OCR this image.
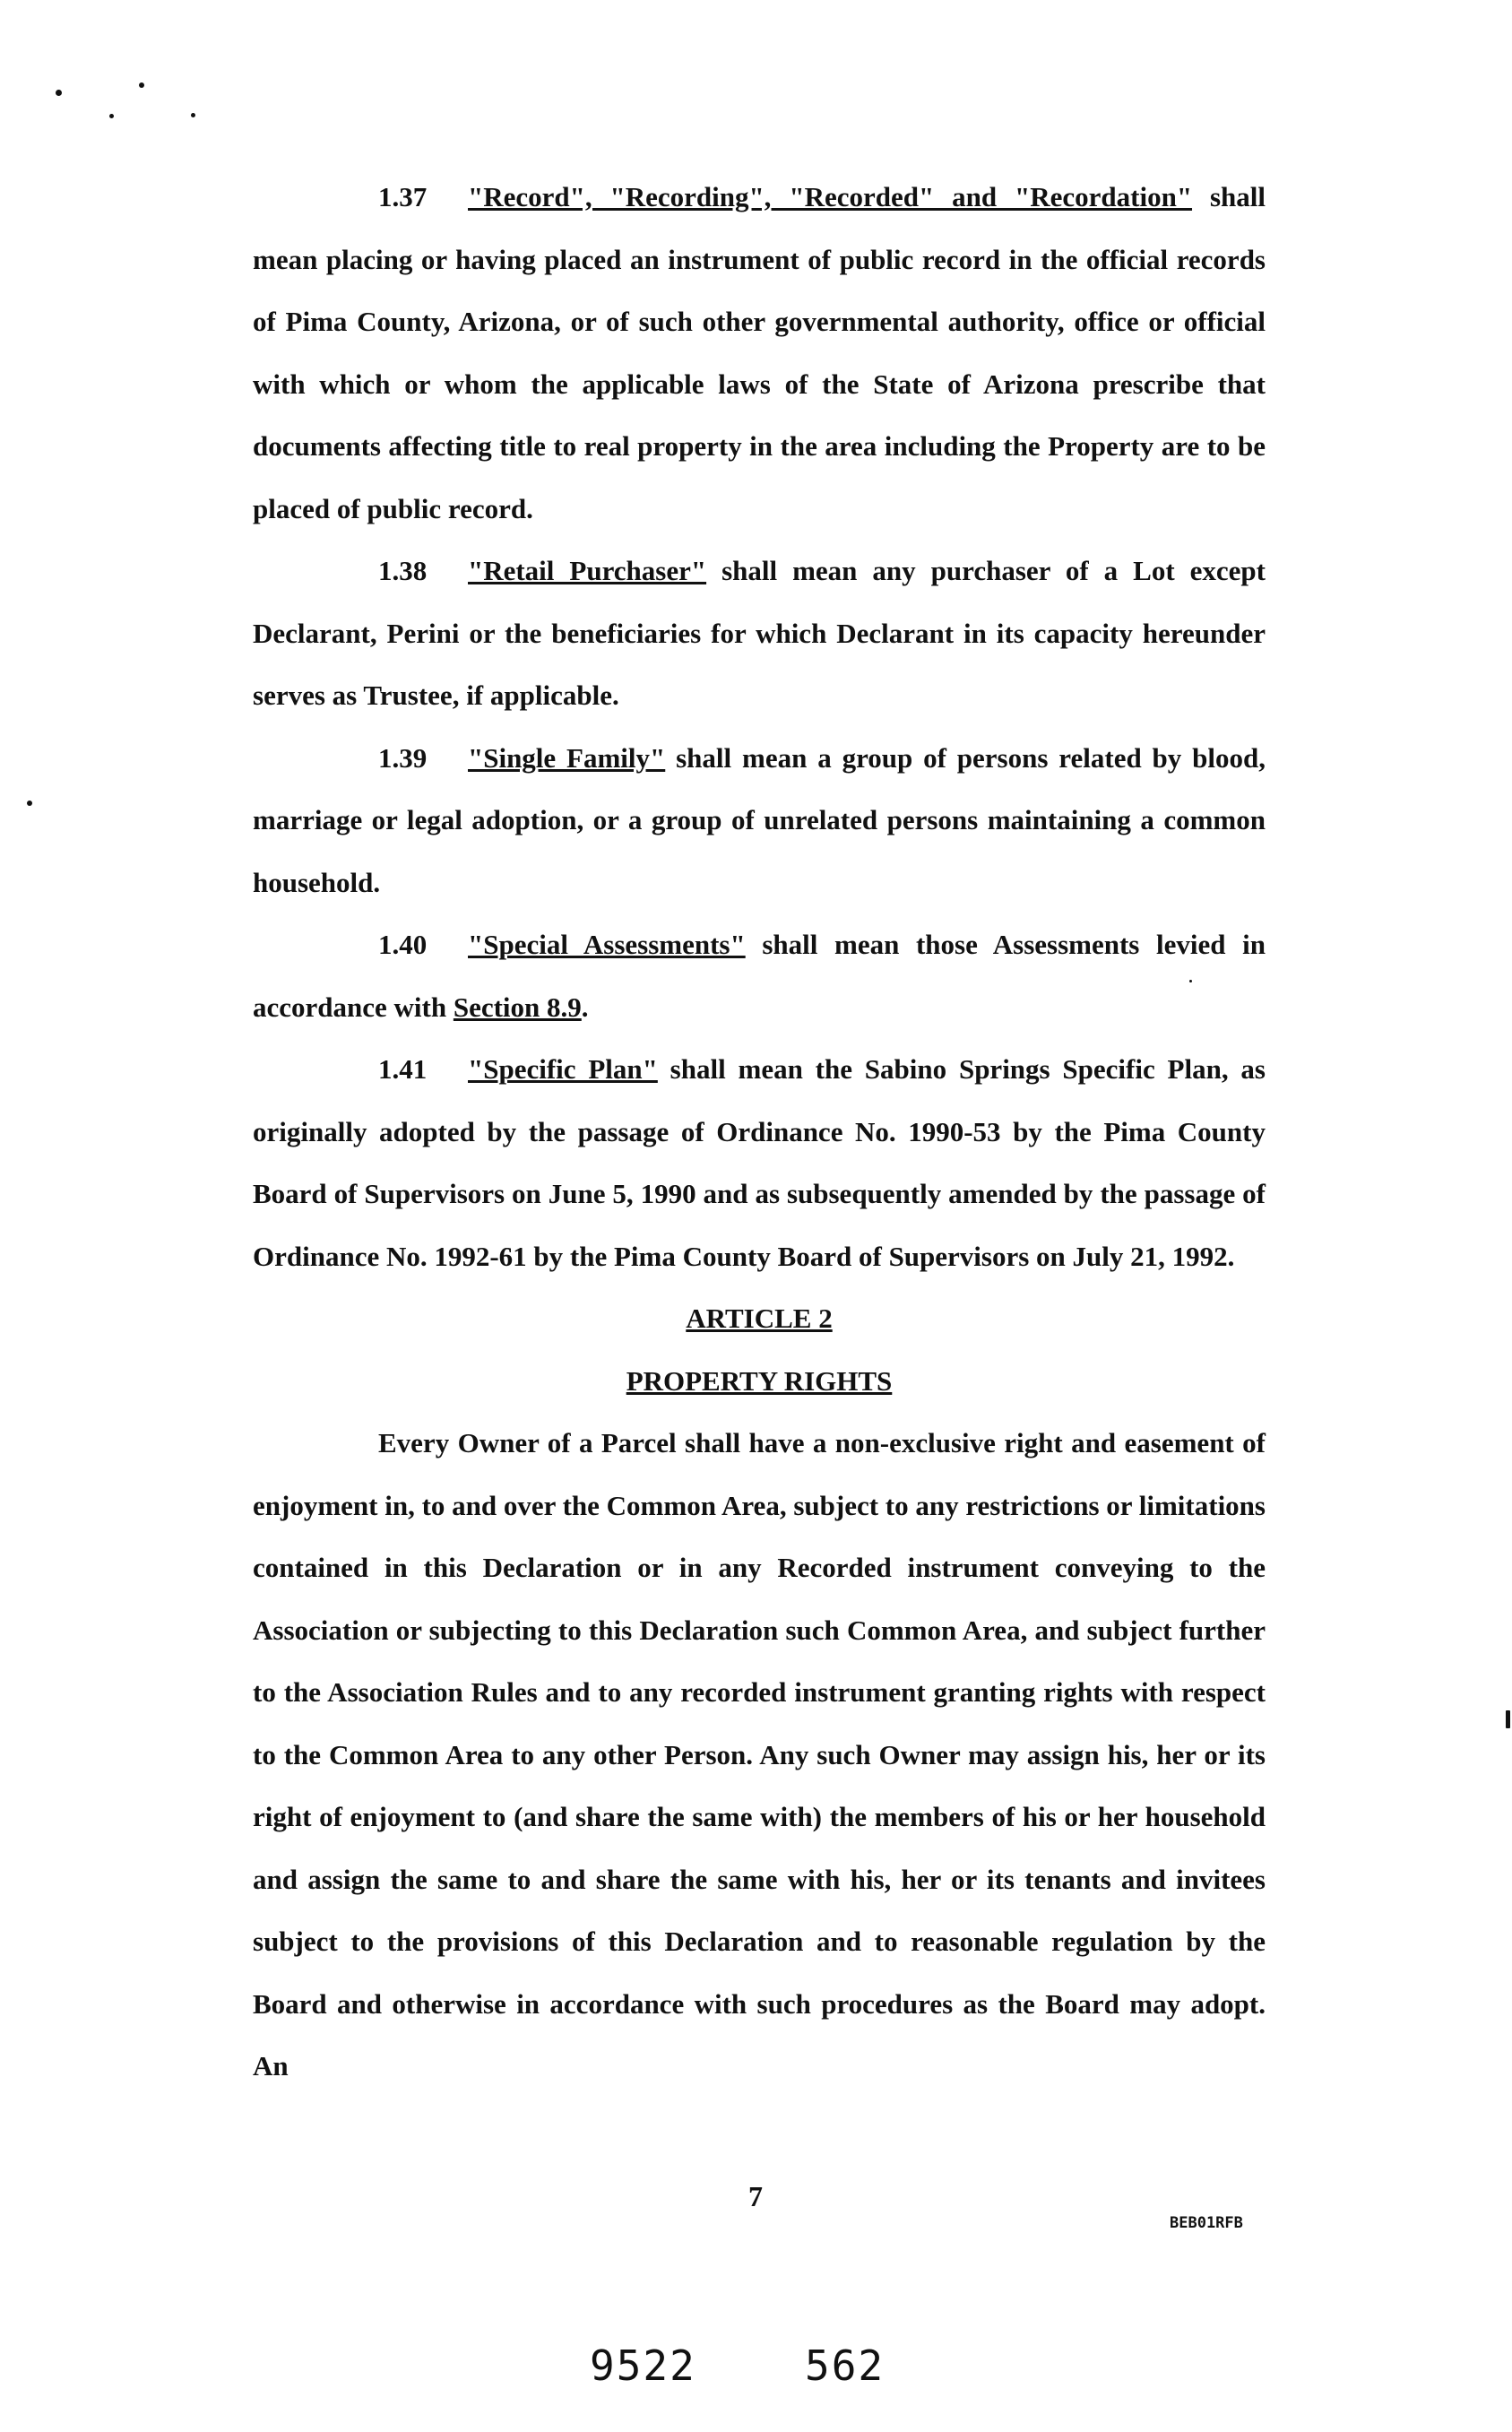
1.37 "Record", "Recording", "Recorded" and "Recordation" shall mean placing or having placed an instrument of public record in the official records of Pima County, Arizona, or of such other governmental authority, office or official with which or whom the applicable laws of the State of Arizona prescribe that documents affecting title to real property in the area including the Property are to be placed of public record.

1.38 "Retail Purchaser" shall mean any purchaser of a Lot except Declarant, Perini or the beneficiaries for which Declarant in its capacity hereunder serves as Trustee, if applicable.

1.39 "Single Family" shall mean a group of persons related by blood, marriage or legal adoption, or a group of unrelated persons maintaining a common household.

1.40 "Special Assessments" shall mean those Assessments levied in accordance with Section 8.9.

1.41 "Specific Plan" shall mean the Sabino Springs Specific Plan, as originally adopted by the passage of Ordinance No. 1990-53 by the Pima County Board of Supervisors on June 5, 1990 and as subsequently amended by the passage of Ordinance No. 1992-61 by the Pima County Board of Supervisors on July 21, 1992.

ARTICLE 2

PROPERTY RIGHTS

Every Owner of a Parcel shall have a non-exclusive right and easement of enjoyment in, to and over the Common Area, subject to any restrictions or limitations contained in this Declaration or in any Recorded instrument conveying to the Association or subjecting to this Declaration such Common Area, and subject further to the Association Rules and to any recorded instrument granting rights with respect to the Common Area to any other Person. Any such Owner may assign his, her or its right of enjoyment to (and share the same with) the members of his or her household and assign the same to and share the same with his, her or its tenants and invitees subject to the provisions of this Declaration and to reasonable regulation by the Board and otherwise in accordance with such procedures as the Board may adopt. An

7
BEB01RFB
9522	562
